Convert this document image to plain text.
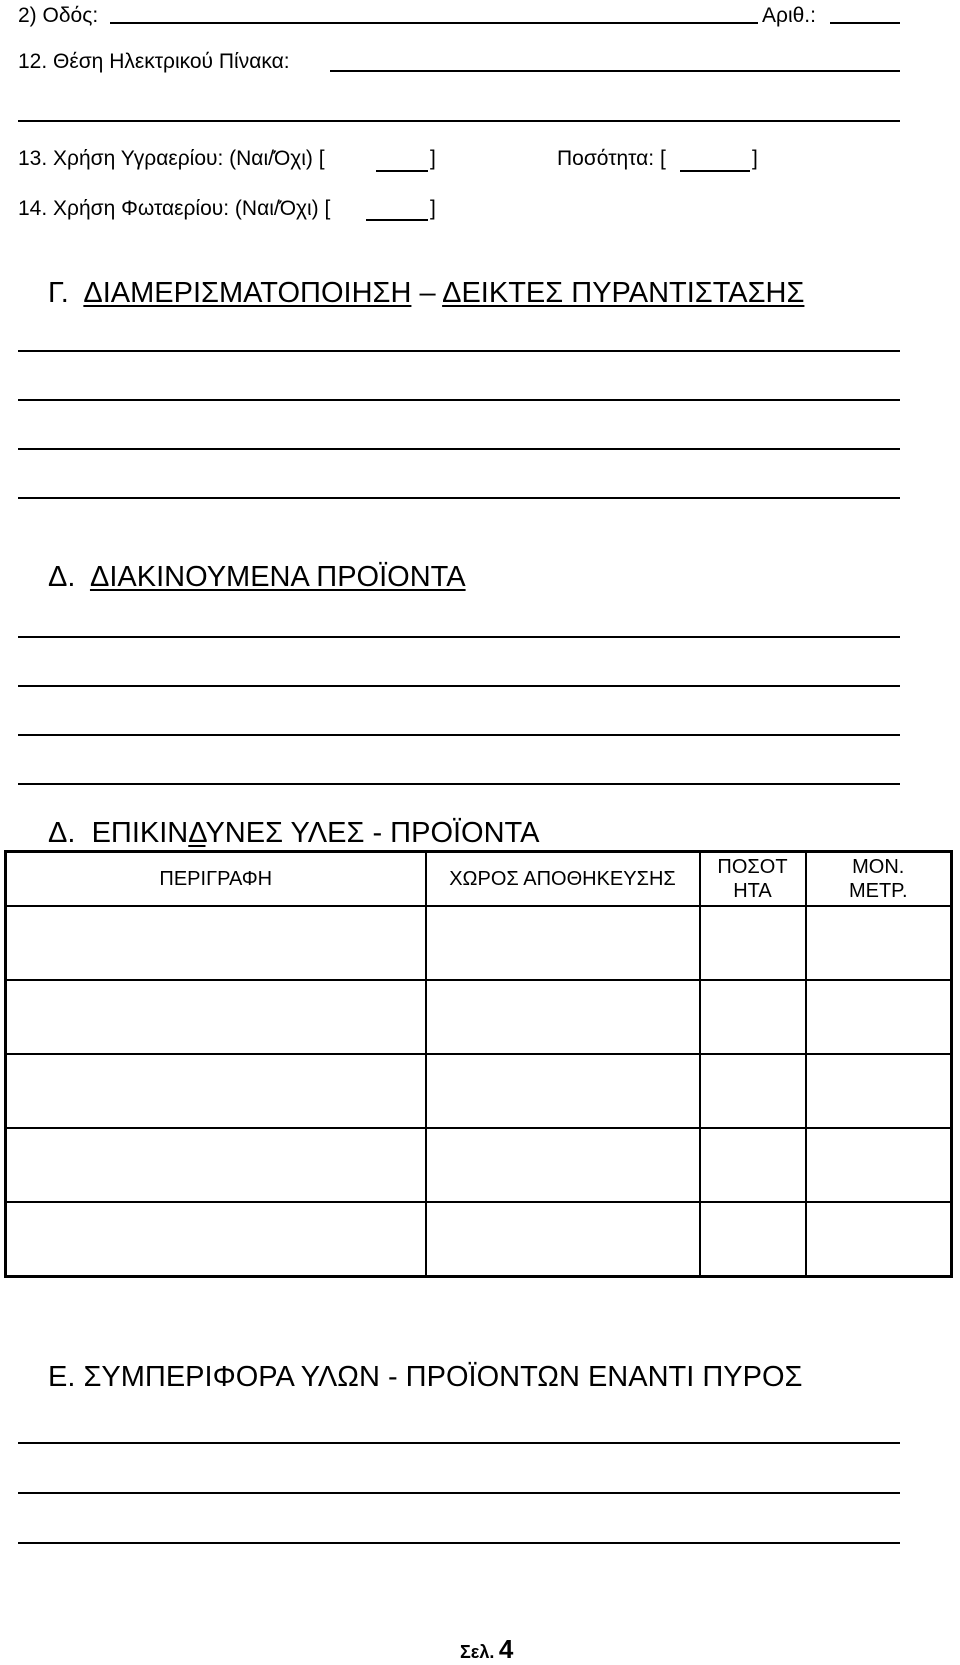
2) Οδός:	Αριθ.:
12. Θέση Ηλεκτρικού Πίνακα:
13. Χρήση Υγραερίου: (Ναι/Όχι) [	]	Ποσότητα: [	]
14. Χρήση Φωταερίου: (Ναι/Όχι) [	]
Γ. ΔΙΑΜΕΡΙΣΜΑΤΟΠΟΙΗΣΗ – ΔΕΙΚΤΕΣ ΠΥΡΑΝΤΙΣΤΑΣΗΣ
Δ. ΔΙΑΚΙΝΟΥΜΕΝΑ ΠΡΟΪΟΝΤΑ
Δ. ΕΠΙΚΙΝΔΥΝΕΣ ΥΛΕΣ - ΠΡΟΪΟΝΤΑ
ΠΕΡΙΓΡΑΦΗ	ΧΩΡΟΣ ΑΠΟΘΗΚΕΥΣΗΣ	ΠΟΣΟΤ ΗΤΑ	ΜΟΝ. ΜΕΤΡ.

Ε. ΣΥΜΠΕΡΙΦΟΡΑ ΥΛΩΝ - ΠΡΟΪΟΝΤΩΝ ΕΝΑΝΤΙ ΠΥΡΟΣ
Σελ. 4
